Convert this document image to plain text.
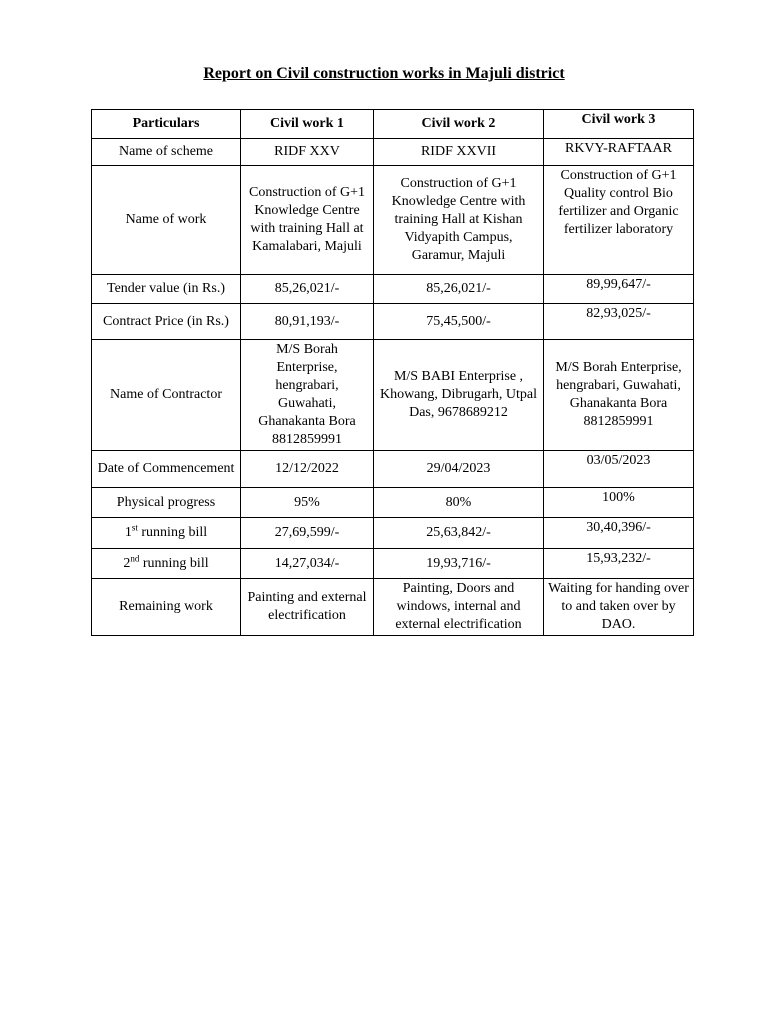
Report on Civil construction works in Majuli district
Particulars	Civil work 1	Civil work 2	Civil work 3
Name of scheme	RIDF XXV	RIDF XXVII	RKVY-RAFTAAR
Name of work	Construction of G+1 Knowledge Centre with training Hall at Kamalabari, Majuli	Construction of G+1 Knowledge Centre with training Hall at Kishan Vidyapith Campus, Garamur, Majuli	Construction of G+1 Quality control Bio fertilizer and Organic fertilizer laboratory
Tender value (in Rs.)	85,26,021/-	85,26,021/-	89,99,647/-
Contract Price (in Rs.)	80,91,193/-	75,45,500/-	82,93,025/-
Name of Contractor	M/S Borah Enterprise, hengrabari, Guwahati, Ghanakanta Bora 8812859991	M/S BABI Enterprise , Khowang, Dibrugarh, Utpal Das, 9678689212	M/S Borah Enterprise, hengrabari, Guwahati, Ghanakanta Bora 8812859991
Date of Commencement	12/12/2022	29/04/2023	03/05/2023
Physical progress	95%	80%	100%
1st running bill	27,69,599/-	25,63,842/-	30,40,396/-
2nd running bill	14,27,034/-	19,93,716/-	15,93,232/-
Remaining work	Painting and external electrification	Painting, Doors and windows, internal and external electrification	Waiting for handing over to and taken over by DAO.
